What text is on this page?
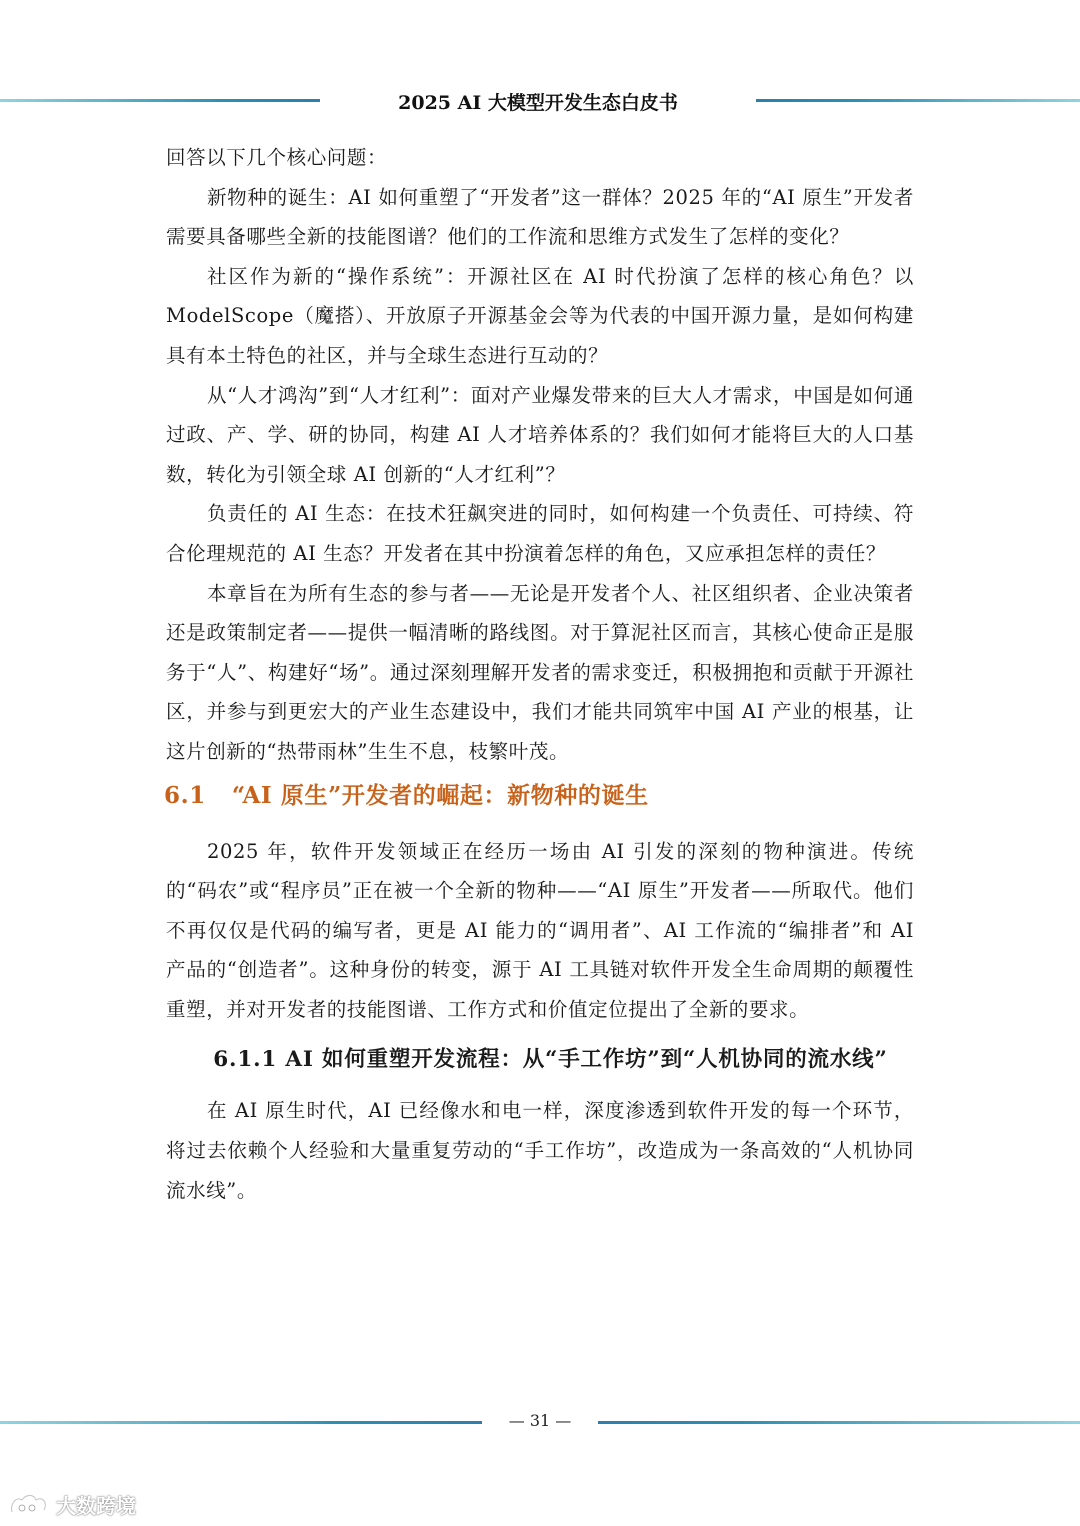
2025 AI 大模型开发生态白皮书

回答以下几个核心问题：

新物种的诞生：AI 如何重塑了“开发者”这一群体？2025 年的“AI 原生”开发者需要具备哪些全新的技能图谱？他们的工作流和思维方式发生了怎样的变化？

社区作为新的“操作系统”：开源社区在 AI 时代扮演了怎样的核心角色？以 ModelScope（魔搭）、开放原子开源基金会等为代表的中国开源力量，是如何构建具有本土特色的社区，并与全球生态进行互动的？

从“人才鸿沟”到“人才红利”：面对产业爆发带来的巨大人才需求，中国是如何通过政、产、学、研的协同，构建 AI 人才培养体系的？我们如何才能将巨大的人口基数，转化为引领全球 AI 创新的“人才红利”？

负责任的 AI 生态：在技术狂飙突进的同时，如何构建一个负责任、可持续、符合伦理规范的 AI 生态？开发者在其中扮演着怎样的角色，又应承担怎样的责任？

本章旨在为所有生态的参与者——无论是开发者个人、社区组织者、企业决策者还是政策制定者——提供一幅清晰的路线图。对于算泥社区而言，其核心使命正是服务于“人”、构建好“场”。通过深刻理解开发者的需求变迁，积极拥抱和贡献于开源社区，并参与到更宏大的产业生态建设中，我们才能共同筑牢中国 AI 产业的根基，让这片创新的“热带雨林”生生不息，枝繁叶茂。

6.1 “AI 原生”开发者的崛起：新物种的诞生

2025 年，软件开发领域正在经历一场由 AI 引发的深刻的物种演进。传统的“码农”或“程序员”正在被一个全新的物种——“AI 原生”开发者——所取代。他们不再仅仅是代码的编写者，更是 AI 能力的“调用者”、AI 工作流的“编排者”和 AI 产品的“创造者”。这种身份的转变，源于 AI 工具链对软件开发全生命周期的颠覆性重塑，并对开发者的技能图谱、工作方式和价值定位提出了全新的要求。

6.1.1 AI 如何重塑开发流程：从“手工作坊”到“人机协同的流水线”

在 AI 原生时代，AI 已经像水和电一样，深度渗透到软件开发的每一个环节，将过去依赖个人经验和大量重复劳动的“手工作坊”，改造成为一条高效的“人机协同流水线”。

— 31 —
大数跨境
